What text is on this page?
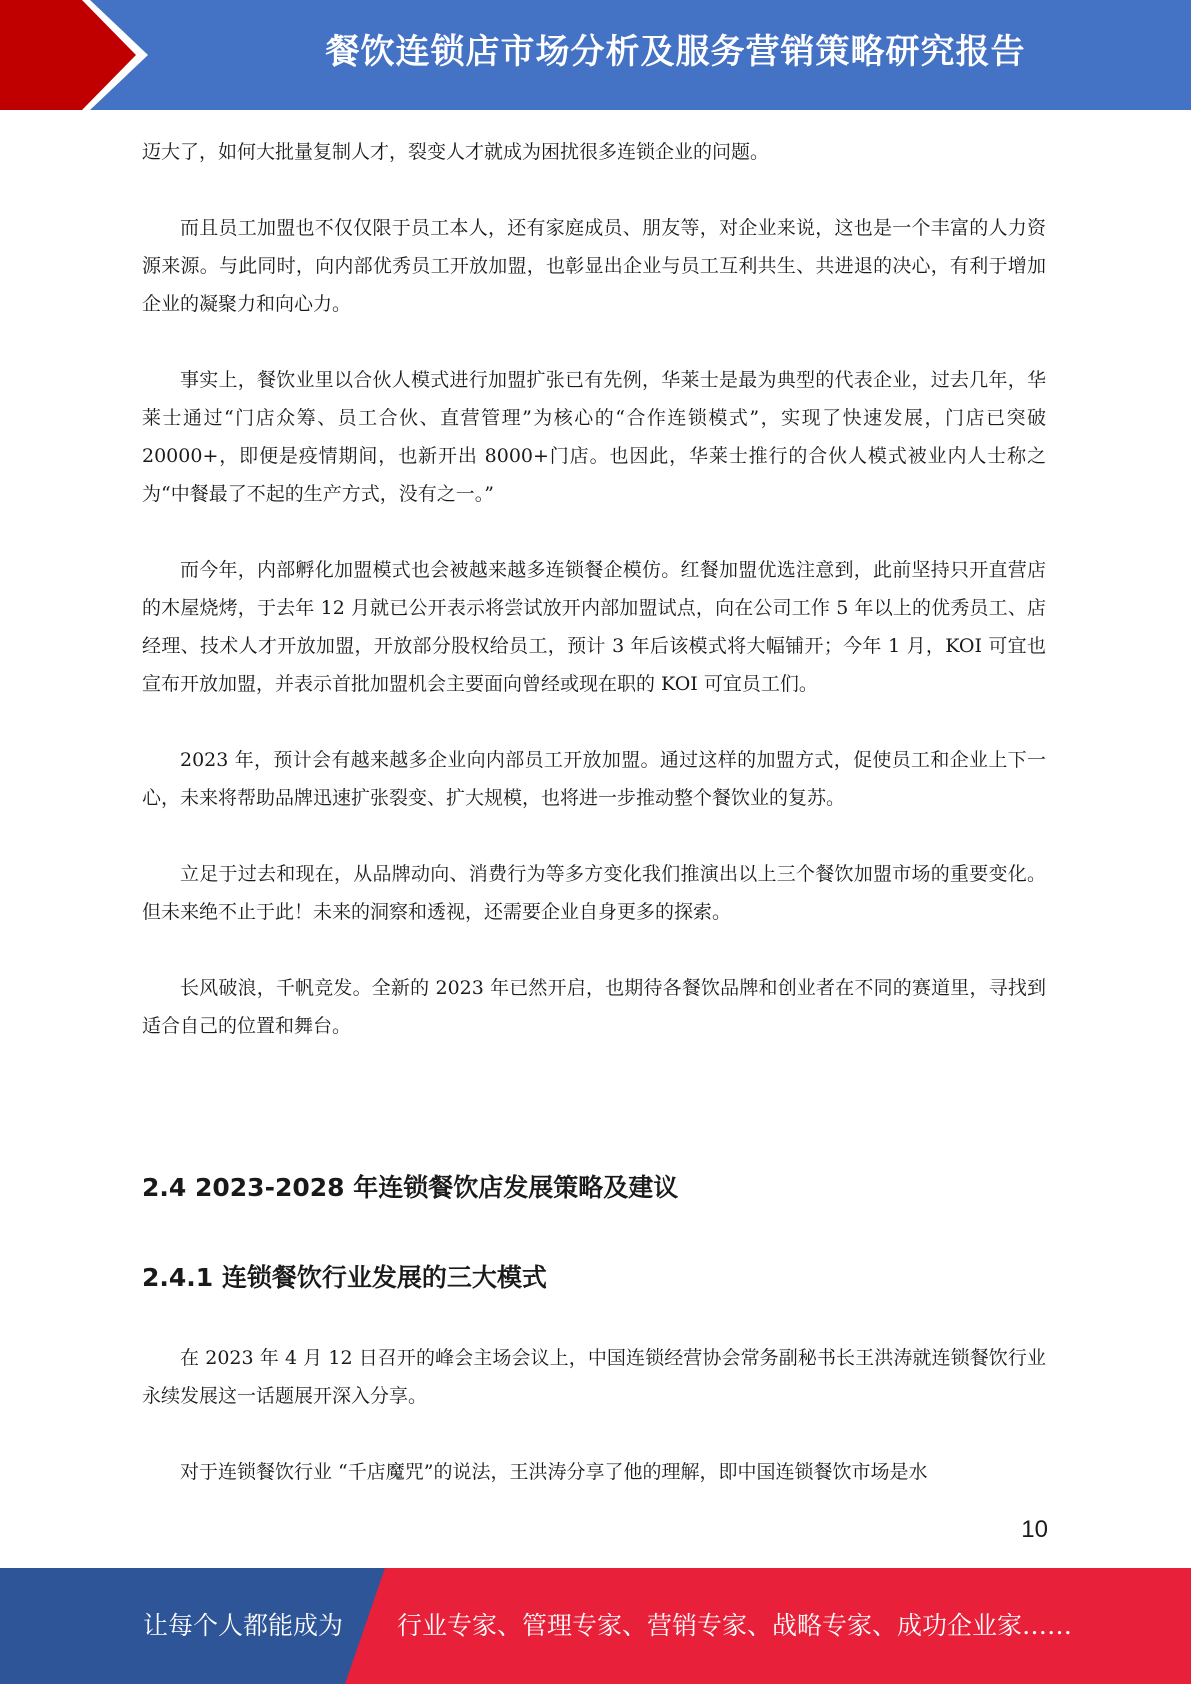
餐饮连锁店市场分析及服务营销策略研究报告

迈大了，如何大批量复制人才，裂变人才就成为困扰很多连锁企业的问题。

而且员工加盟也不仅仅限于员工本人，还有家庭成员、朋友等，对企业来说，这也是一个丰富的人力资源来源。与此同时，向内部优秀员工开放加盟，也彰显出企业与员工互利共生、共进退的决心，有利于增加企业的凝聚力和向心力。

事实上，餐饮业里以合伙人模式进行加盟扩张已有先例，华莱士是最为典型的代表企业，过去几年，华莱士通过“门店众筹、员工合伙、直营管理”为核心的“合作连锁模式”，实现了快速发展，门店已突破 20000+，即便是疫情期间，也新开出 8000+门店。也因此，华莱士推行的合伙人模式被业内人士称之为“中餐最了不起的生产方式，没有之一。”

而今年，内部孵化加盟模式也会被越来越多连锁餐企模仿。红餐加盟优选注意到，此前坚持只开直营店的木屋烧烤，于去年 12 月就已公开表示将尝试放开内部加盟试点，向在公司工作 5 年以上的优秀员工、店经理、技术人才开放加盟，开放部分股权给员工，预计 3 年后该模式将大幅铺开；今年 1 月，KOI 可宜也宣布开放加盟，并表示首批加盟机会主要面向曾经或现在职的 KOI 可宜员工们。

2023 年，预计会有越来越多企业向内部员工开放加盟。通过这样的加盟方式，促使员工和企业上下一心，未来将帮助品牌迅速扩张裂变、扩大规模，也将进一步推动整个餐饮业的复苏。

立足于过去和现在，从品牌动向、消费行为等多方变化我们推演出以上三个餐饮加盟市场的重要变化。但未来绝不止于此！未来的洞察和透视，还需要企业自身更多的探索。

长风破浪，千帆竞发。全新的 2023 年已然开启，也期待各餐饮品牌和创业者在不同的赛道里，寻找到适合自己的位置和舞台。

2.4 2023-2028 年连锁餐饮店发展策略及建议
2.4.1 连锁餐饮行业发展的三大模式

在 2023 年 4 月 12 日召开的峰会主场会议上，中国连锁经营协会常务副秘书长王洪涛就连锁餐饮行业永续发展这一话题展开深入分享。

对于连锁餐饮行业 “千店魔咒”的说法，王洪涛分享了他的理解，即中国连锁餐饮市场是水

10
让每个人都能成为 行业专家、管理专家、营销专家、战略专家、成功企业家……
